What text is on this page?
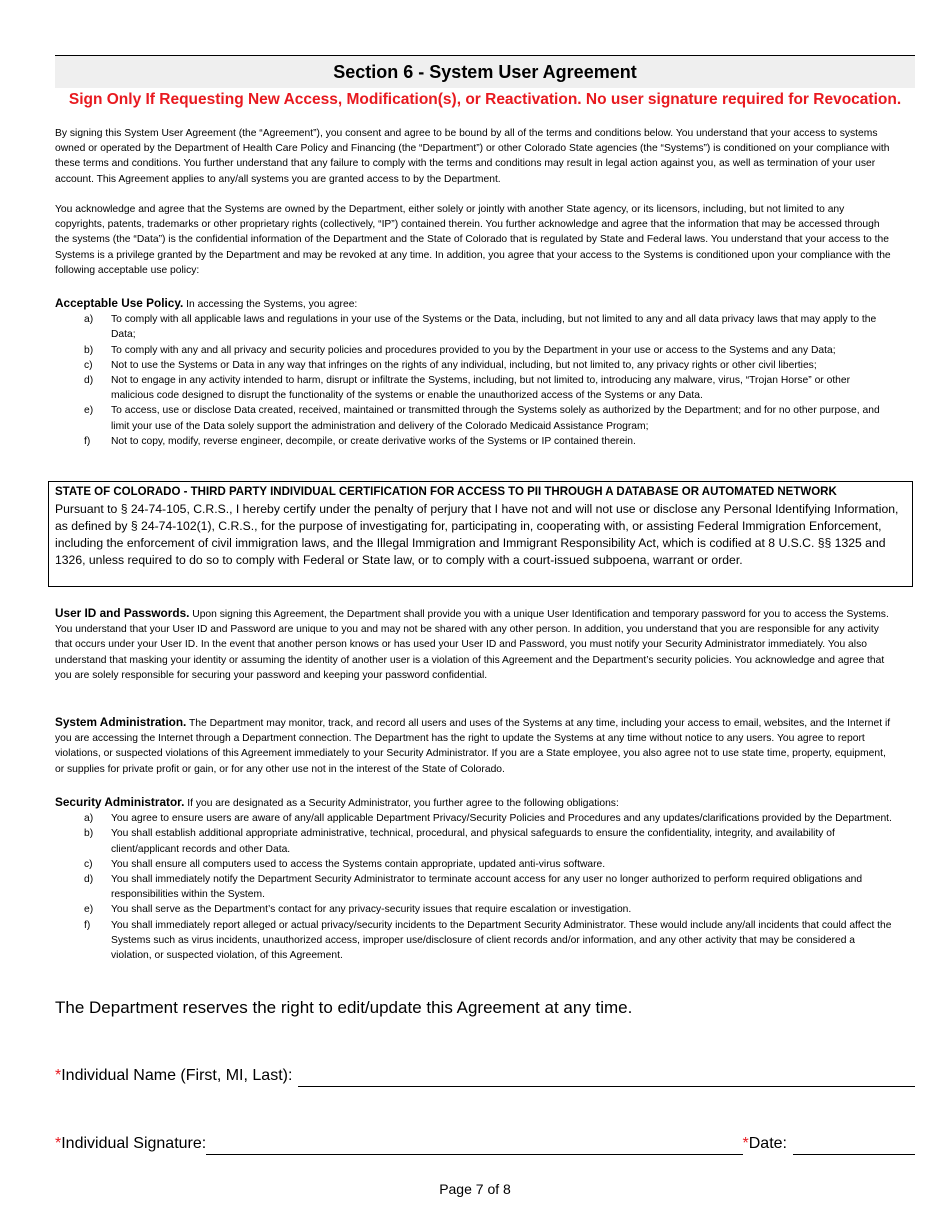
Section 6 - System User Agreement
Sign Only If Requesting New Access, Modification(s), or Reactivation. No user signature required for Revocation.
By signing this System User Agreement (the “Agreement”), you consent and agree to be bound by all of the terms and conditions below. You understand that your access to systems owned or operated by the Department of Health Care Policy and Financing (the “Department”) or other Colorado State agencies (the “Systems”) is conditioned on your compliance with these terms and conditions. You further understand that any failure to comply with the terms and conditions may result in legal action against you, as well as termination of your user account. This Agreement applies to any/all systems you are granted access to by the Department.
You acknowledge and agree that the Systems are owned by the Department, either solely or jointly with another State agency, or its licensors, including, but not limited to any copyrights, patents, trademarks or other proprietary rights (collectively, “IP”) contained therein. You further acknowledge and agree that the information that may be accessed through the systems (the “Data”) is the confidential information of the Department and the State of Colorado that is regulated by State and Federal laws. You understand that your access to the Systems is a privilege granted by the Department and may be revoked at any time. In addition, you agree that your access to the Systems is conditioned upon your compliance with the following acceptable use policy:
Acceptable Use Policy. In accessing the Systems, you agree:
a) To comply with all applicable laws and regulations in your use of the Systems or the Data, including, but not limited to any and all data privacy laws that may apply to the Data;
b) To comply with any and all privacy and security policies and procedures provided to you by the Department in your use or access to the Systems and any Data;
c) Not to use the Systems or Data in any way that infringes on the rights of any individual, including, but not limited to, any privacy rights or other civil liberties;
d) Not to engage in any activity intended to harm, disrupt or infiltrate the Systems, including, but not limited to, introducing any malware, virus, “Trojan Horse” or other malicious code designed to disrupt the functionality of the systems or enable the unauthorized access of the Systems or any Data.
e) To access, use or disclose Data created, received, maintained or transmitted through the Systems solely as authorized by the Department; and for no other purpose, and limit your use of the Data solely support the administration and delivery of the Colorado Medicaid Assistance Program;
f) Not to copy, modify, reverse engineer, decompile, or create derivative works of the Systems or IP contained therein.
STATE OF COLORADO - THIRD PARTY INDIVIDUAL CERTIFICATION FOR ACCESS TO PII THROUGH A DATABASE OR AUTOMATED NETWORK
Pursuant to § 24-74-105, C.R.S., I hereby certify under the penalty of perjury that I have not and will not use or disclose any Personal Identifying Information, as defined by § 24-74-102(1), C.R.S., for the purpose of investigating for, participating in, cooperating with, or assisting Federal Immigration Enforcement, including the enforcement of civil immigration laws, and the Illegal Immigration and Immigrant Responsibility Act, which is codified at 8 U.S.C. §§ 1325 and 1326, unless required to do so to comply with Federal or State law, or to comply with a court-issued subpoena, warrant or order.
User ID and Passwords. Upon signing this Agreement, the Department shall provide you with a unique User Identification and temporary password for you to access the Systems. You understand that your User ID and Password are unique to you and may not be shared with any other person. In addition, you understand that you are responsible for any activity that occurs under your User ID. In the event that another person knows or has used your User ID and Password, you must notify your Security Administrator immediately. You also understand that masking your identity or assuming the identity of another user is a violation of this Agreement and the Department’s security policies. You acknowledge and agree that you are solely responsible for securing your password and keeping your password confidential.
System Administration. The Department may monitor, track, and record all users and uses of the Systems at any time, including your access to email, websites, and the Internet if you are accessing the Internet through a Department connection. The Department has the right to update the Systems at any time without notice to any users. You agree to report violations, or suspected violations of this Agreement immediately to your Security Administrator. If you are a State employee, you also agree not to use state time, property, equipment, or supplies for private profit or gain, or for any other use not in the interest of the State of Colorado.
Security Administrator. If you are designated as a Security Administrator, you further agree to the following obligations:
a) You agree to ensure users are aware of any/all applicable Department Privacy/Security Policies and Procedures and any updates/clarifications provided by the Department.
b) You shall establish additional appropriate administrative, technical, procedural, and physical safeguards to ensure the confidentiality, integrity, and availability of client/applicant records and other Data.
c) You shall ensure all computers used to access the Systems contain appropriate, updated anti-virus software.
d) You shall immediately notify the Department Security Administrator to terminate account access for any user no longer authorized to perform required obligations and responsibilities within the System.
e) You shall serve as the Department’s contact for any privacy-security issues that require escalation or investigation.
f) You shall immediately report alleged or actual privacy/security incidents to the Department Security Administrator. These would include any/all incidents that could affect the Systems such as virus incidents, unauthorized access, improper use/disclosure of client records and/or information, and any other activity that may be considered a violation, or suspected violation, of this Agreement.
The Department reserves the right to edit/update this Agreement at any time.
* Individual Name (First, MI, Last):
* Individual Signature:	* Date:
Page 7 of 8
